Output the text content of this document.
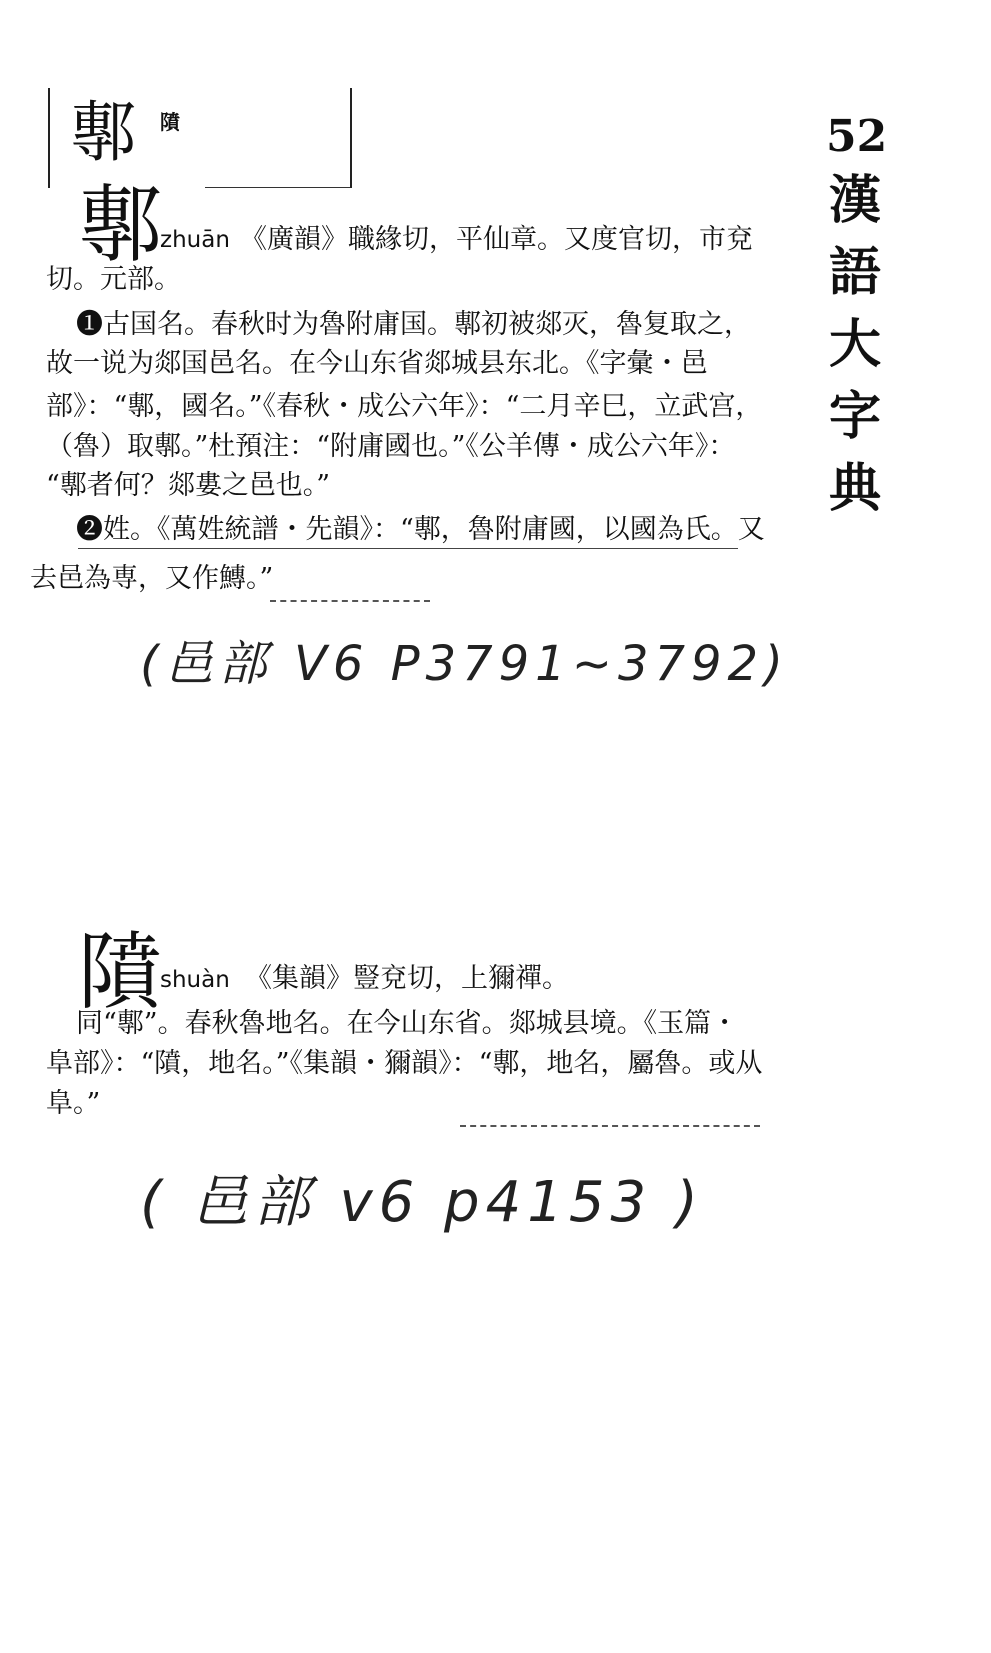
鄟 隫	52
漢
語
大
字
典
鄟
zhuān 《廣韻》職緣切，平仙章。又度官切，市兗
切。元部。
❶古国名。春秋时为魯附庸国。鄟初被郯灭，魯复取之，
故一说为郯国邑名。在今山东省郯城县东北。《字彙・邑
部》：“鄟，國名。”《春秋・成公六年》：“二月辛巳，立武宫，
（魯）取鄟。”杜預注：“附庸國也。”《公羊傳・成公六年》：
“鄟者何？郯婁之邑也。”
❷姓。《萬姓統譜・先韻》：“鄟，魯附庸國，以國為氏。又
去邑為専，又作鱄。”
(邑部 V6 P3791~3792)
隫
shuàn 《集韻》豎兗切，上獮禪。
同“鄟”。春秋魯地名。在今山东省。郯城县境。《玉篇・
阜部》：“隫，地名。”《集韻・獮韻》：“鄟，地名，屬魯。或从
阜。”
( 邑部 v6 p4153 )
